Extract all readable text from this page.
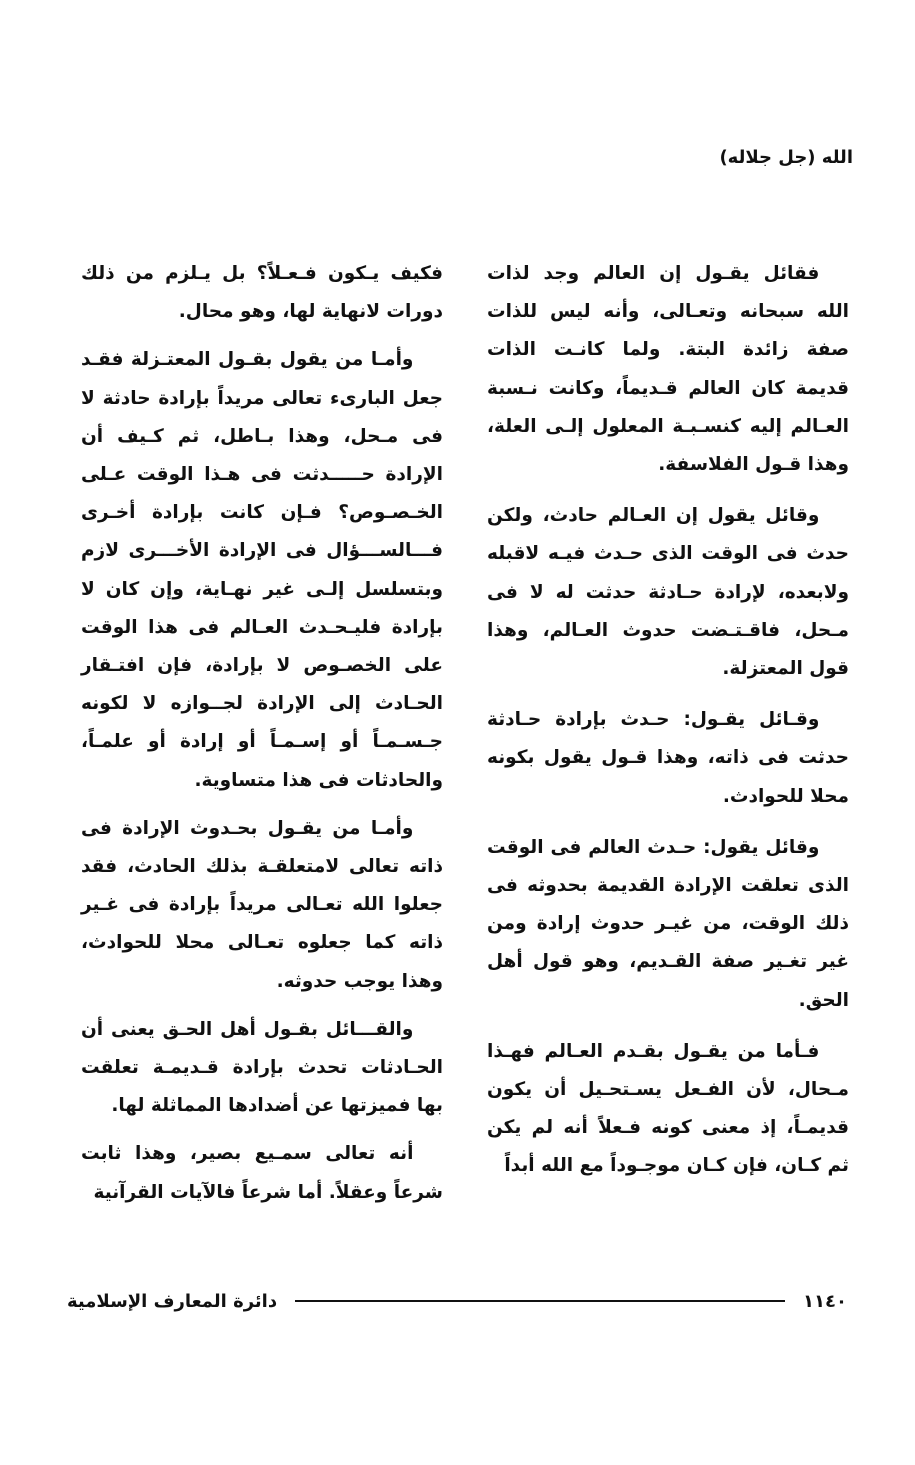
الله (جل جلاله)

فقائل يقـول إن العالم وجد لذات الله سبحانه وتعـالى، وأنه ليس للذات صفة زائدة البتة. ولما كانـت الذات قديمة كان العالم قـديماً، وكانت نـسبة العـالم إليه كنسـبـة المعلول إلـى العلة، وهذا قـول الفلاسفة.

وقائل يقول إن العـالم حادث، ولكن حدث فى الوقت الذى حـدث فيـه لاقبله ولابعده، لإرادة حـادثة حدثت له لا فى مـحل، فاقـتـضت حدوث العـالم، وهذا قول المعتزلة.

وقـائل يقـول: حـدث بإرادة حـادثة حدثت فى ذاته، وهذا قـول يقول بكونه محلا للحوادث.

وقائل يقول: حـدث العالم فى الوقت الذى تعلقت الإرادة القديمة بحدوثه فى ذلك الوقت، من غيـر حدوث إرادة ومن غير تغـير صفة القـديم، وهو قول أهل الحق.

فـأما من يقـول بقـدم العـالم فهـذا مـحال، لأن الفـعل يسـتحـيل أن يكون قديمـاً، إذ معنى كونه فـعلاً أنه لم يكن ثم كـان، فإن كـان موجـوداً مع الله أبداً

فكيف يـكون فـعـلاً؟ بل يـلزم من ذلك دورات لانهاية لها، وهو محال.

وأمـا من يقول بقـول المعتـزلة فقـد جعل البارىء تعالى مريداً بإرادة حادثة لا فى مـحل، وهذا بـاطل، ثم كـيف أن الإرادة حـــــدثت فى هـذا الوقت عـلى الخـصـوص؟ فـإن كانت بإرادة أخـرى فـــالســـؤال فى الإرادة الأخـــرى لازم وبتسلسل إلـى غير نهـاية، وإن كان لا بإرادة فليـحـدث العـالم فى هذا الوقت على الخصـوص لا بإرادة، فإن افتـقار الحـادث إلى الإرادة لجــوازه لا لكونه جـسـمـاً أو إسـمـاً أو إرادة أو علمـاً، والحادثات فى هذا متساوية.

وأمـا من يقـول بحـدوث الإرادة فى ذاته تعالى لامتعلقـة بذلك الحادث، فقد جعلوا الله تعـالى مريداً بإرادة فى غـير ذاته كما جعلوه تعـالى محلا للحوادث، وهذا يوجب حدوثه.

والقـــائل بقـول أهل الحـق يعنى أن الحـادثات تحدث بإرادة قـديمـة تعلقت بها فميزتها عن أضدادها المماثلة لها.

أنه تعالى سمـيع بصير، وهذا ثابت شرعاً وعقلاً. أما شرعاً فالآيات القرآنية

١١٤٠
دائرة المعارف الإسلامية
